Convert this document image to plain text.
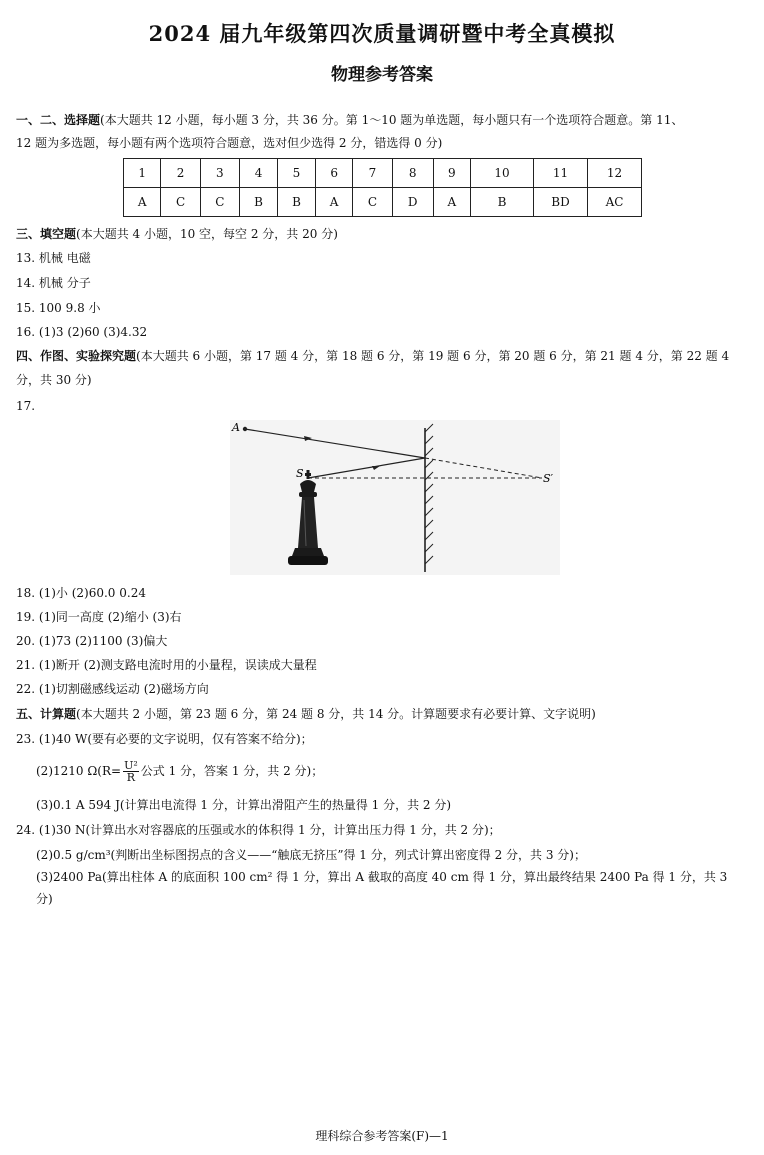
2024 届九年级第四次质量调研暨中考全真模拟
物理参考答案
一、二、选择题(本大题共 12 小题，每小题 3 分，共 36 分。第 1～10 题为单选题，每小题只有一个选项符合题意。第 11、
12 题为多选题，每小题有两个选项符合题意，选对但少选得 2 分，错选得 0 分)
1	2	3	4	5	6	7	8	9	10	11	12
A	C	C	B	B	A	C	D	A	B	BD	AC
三、填空题(本大题共 4 小题，10 空，每空 2 分，共 20 分)
13. 机械 电磁
14. 机械 分子
15. 100 9.8 小
16. (1)3 (2)60 (3)4.32
四、作图、实验探究题(本大题共 6 小题，第 17 题 4 分，第 18 题 6 分，第 19 题 6 分，第 20 题 6 分，第 21 题 4 分，第 22 题 4
分，共 30 分)
17.
A
S	S′
18. (1)小 (2)60.0 0.24
19. (1)同一高度 (2)缩小 (3)右
20. (1)73 (2)1100 (3)偏大
21. (1)断开 (2)测支路电流时用的小量程，误读成大量程
22. (1)切割磁感线运动 (2)磁场方向
五、计算题(本大题共 2 小题，第 23 题 6 分，第 24 题 8 分，共 14 分。计算题要求有必要计算、文字说明)
23. (1)40 W(要有必要的文字说明，仅有答案不给分)；
(2)1210 $\Omega(R= \frac{\text{U²}}{R}$ 公式 1 分，答案 1 分，共 2 分)；
(3)0.1 A 594 J(计算出电流得 1 分，计算出滑阻产生的热量得 1 分，共 2 分)
24. (1)30 N(计算出水对容器底的压强或水的体积得 1 分，计算出压力得 1 分，共 2 分)；
(2)0.5 g/cm³(判断出坐标图拐点的含义——“触底无挤压”得 1 分，列式计算出密度得 2 分，共 3 分)；
(3)2400 Pa(算出柱体 A 的底面积 100 cm² 得 1 分，算出 A 截取的高度 40 cm 得 1 分，算出最终结果 2400 Pa 得 1 分，共 3 分)
理科综合参考答案(F)—1
